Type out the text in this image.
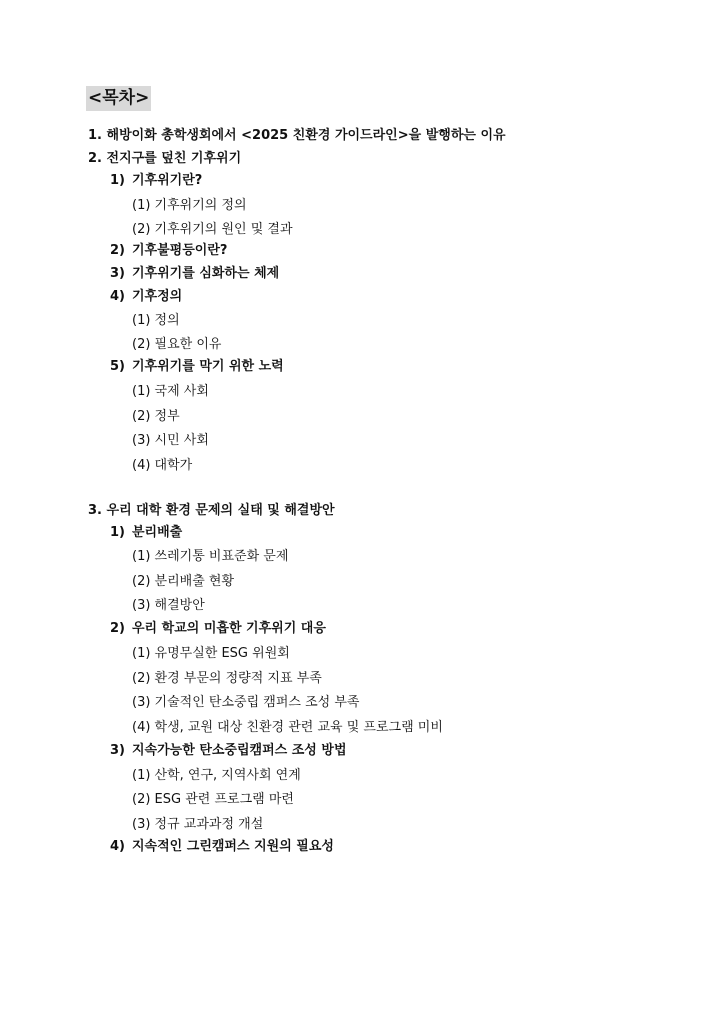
<목차>
1. 해방이화 총학생회에서 <2025 친환경 가이드라인>을 발행하는 이유
2. 전지구를 덮친 기후위기
1) 기후위기란?
(1) 기후위기의 정의
(2) 기후위기의 원인 및 결과
2) 기후불평등이란?
3) 기후위기를 심화하는 체제
4) 기후정의
(1) 정의
(2) 필요한 이유
5) 기후위기를 막기 위한 노력
(1) 국제 사회
(2) 정부
(3) 시민 사회
(4) 대학가
3. 우리 대학 환경 문제의 실태 및 해결방안
1) 분리배출
(1) 쓰레기통 비표준화 문제
(2) 분리배출 현황
(3) 해결방안
2) 우리 학교의 미흡한 기후위기 대응
(1) 유명무실한 ESG 위원회
(2) 환경 부문의 정량적 지표 부족
(3) 기술적인 탄소중립 캠퍼스 조성 부족
(4) 학생, 교원 대상 친환경 관련 교육 및 프로그램 미비
3) 지속가능한 탄소중립캠퍼스 조성 방법
(1) 산학, 연구, 지역사회 연계
(2) ESG 관련 프로그램 마련
(3) 정규 교과과정 개설
4) 지속적인 그린캠퍼스 지원의 필요성
